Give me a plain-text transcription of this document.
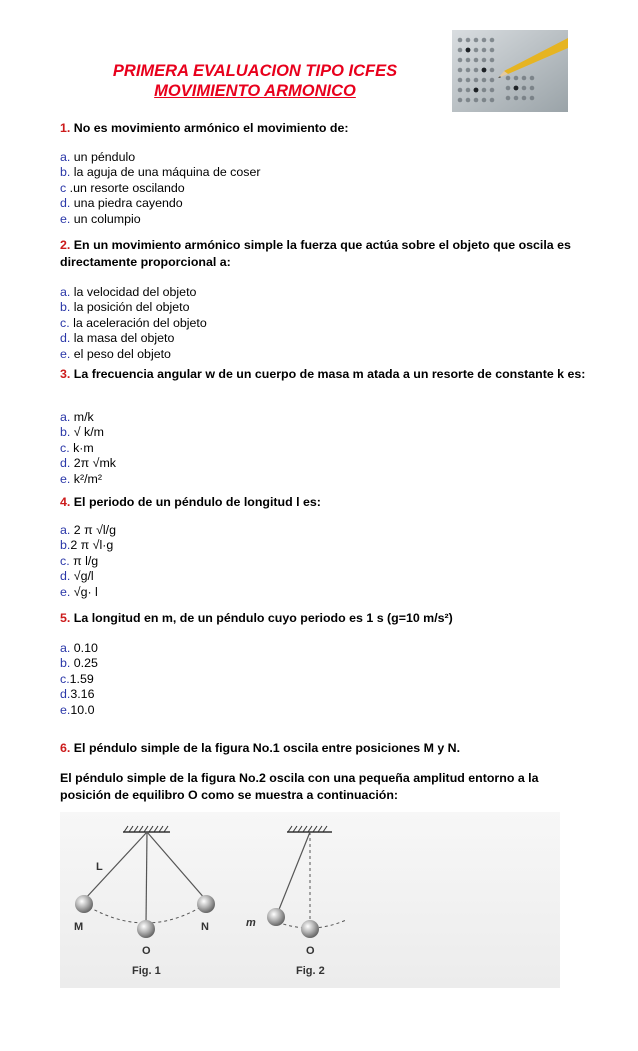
PRIMERA EVALUACION TIPO ICFES
MOVIMIENTO ARMONICO
1. No es movimiento armónico el movimiento de:
a. un péndulo
b. la aguja de una máquina de coser
c .un resorte oscilando
d. una piedra cayendo
e. un columpio
2. En un movimiento armónico simple la fuerza que actúa sobre el objeto que oscila es directamente proporcional a:
a. la velocidad del objeto
b. la posición del objeto
c. la aceleración del objeto
d. la masa del objeto
e. el peso del objeto
3. La frecuencia angular w de un cuerpo de masa m atada a un resorte de constante k es:
a. m/k
b. √ k/m
c. k·m
d. 2π √mk
e. k²/m²
4. El periodo de un péndulo de longitud l es:
a. 2 π √l/g
b.2 π √l·g
c. π l/g
d. √g/l
e. √g· l
5. La longitud en m, de un péndulo cuyo periodo es 1 s (g=10 m/s²)
a. 0.10
b. 0.25
c.1.59
d.3.16
e.10.0
6. El péndulo simple de la figura No.1 oscila entre posiciones M y N.
El péndulo simple de la figura No.2 oscila con una pequeña amplitud entorno a la posición de equilibro O como se muestra a continuación:
L
M
O
N
Fig. 1
m
O
Fig. 2
